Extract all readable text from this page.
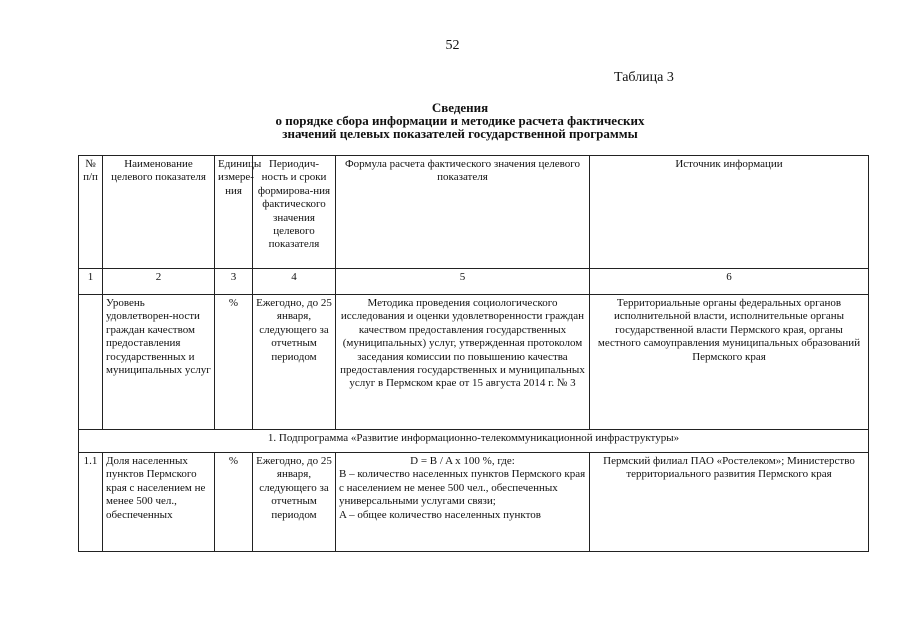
52
Таблица 3
Сведения
о порядке сбора информации и методике расчета фактических
значений целевых показателей государственной программы
№ п/п	Наименование целевого показателя	Единицы измере-ния	Периодич-ность и сроки формирова-ния фактического значения целевого показателя	Формула расчета фактического значения целевого показателя	Источник информации
1	2	3	4	5	6
	Уровень удовлетворен-ности граждан качеством предоставления государственных и муниципальных услуг	%	Ежегодно, до 25 января, следующего за отчетным периодом	Методика проведения социологического исследования и оценки удовлетворенности граждан качеством предоставления государственных (муниципальных) услуг, утвержденная протоколом заседания комиссии по повышению качества предоставления государственных и муниципальных услуг в Пермском крае от 15 августа 2014 г. № 3	Территориальные органы федеральных органов исполнительной власти, исполнительные органы государственной власти Пермского края, органы местного самоуправления муниципальных образований Пермского края
1. Подпрограмма «Развитие информационно-телекоммуникационной инфраструктуры»					
1.1	Доля населенных пунктов Пермского края с населением не менее 500 чел., обеспеченных	%	Ежегодно, до 25 января, следующего за отчетным периодом	D = B / A x 100 %, где:
B – количество населенных пунктов Пермского края с населением не менее 500 чел., обеспеченных универсальными услугами связи;
A – общее количество населенных пунктов	Пермский филиал ПАО «Ростелеком»; Министерство территориального развития Пермского края
